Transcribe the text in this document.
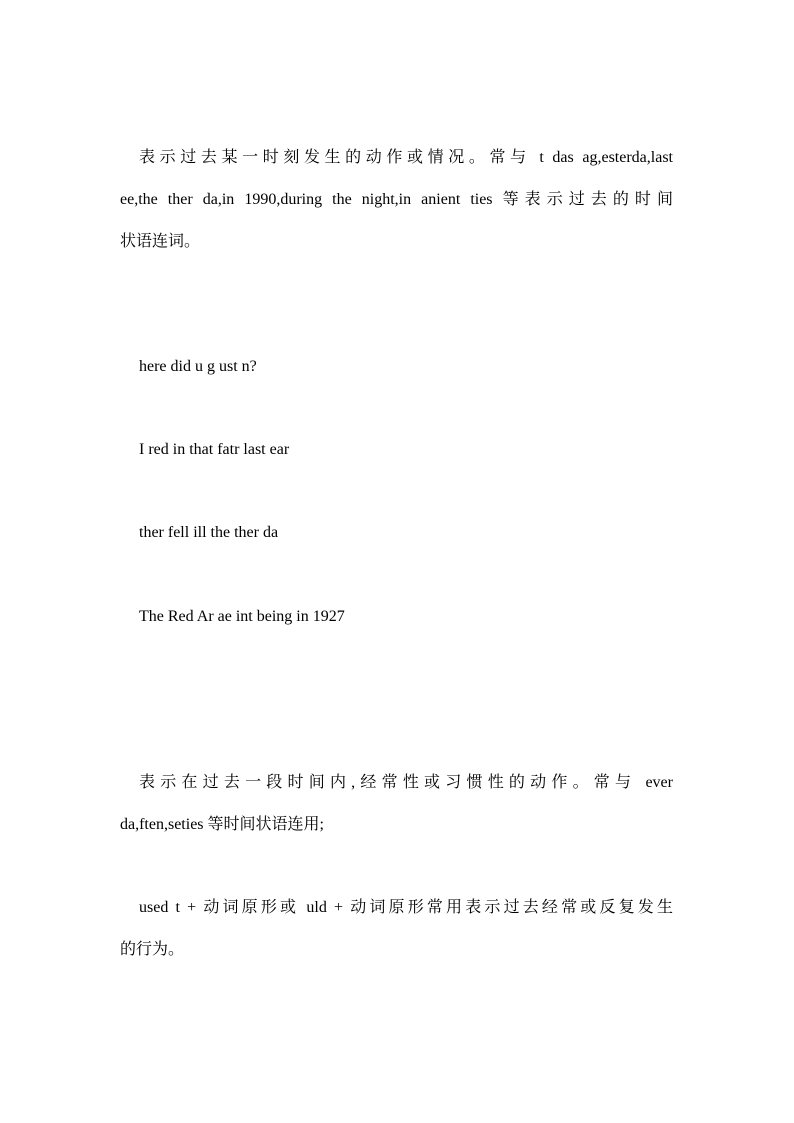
表示过去某一时刻发生的动作或情况。常与 t das ag,esterda,last
ee,the ther da,in 1990,during the night,in anient ties 等表示过去的时间
状语连词。
here did u g ust n?
I red in that fatr last ear
ther fell ill the ther da
The Red Ar ae int being in 1927
表示在过去一段时间内,经常性或习惯性的动作。常与 ever
da,ften,seties 等时间状语连用;
used t + 动词原形或 uld + 动词原形常用表示过去经常或反复发生
的行为。
